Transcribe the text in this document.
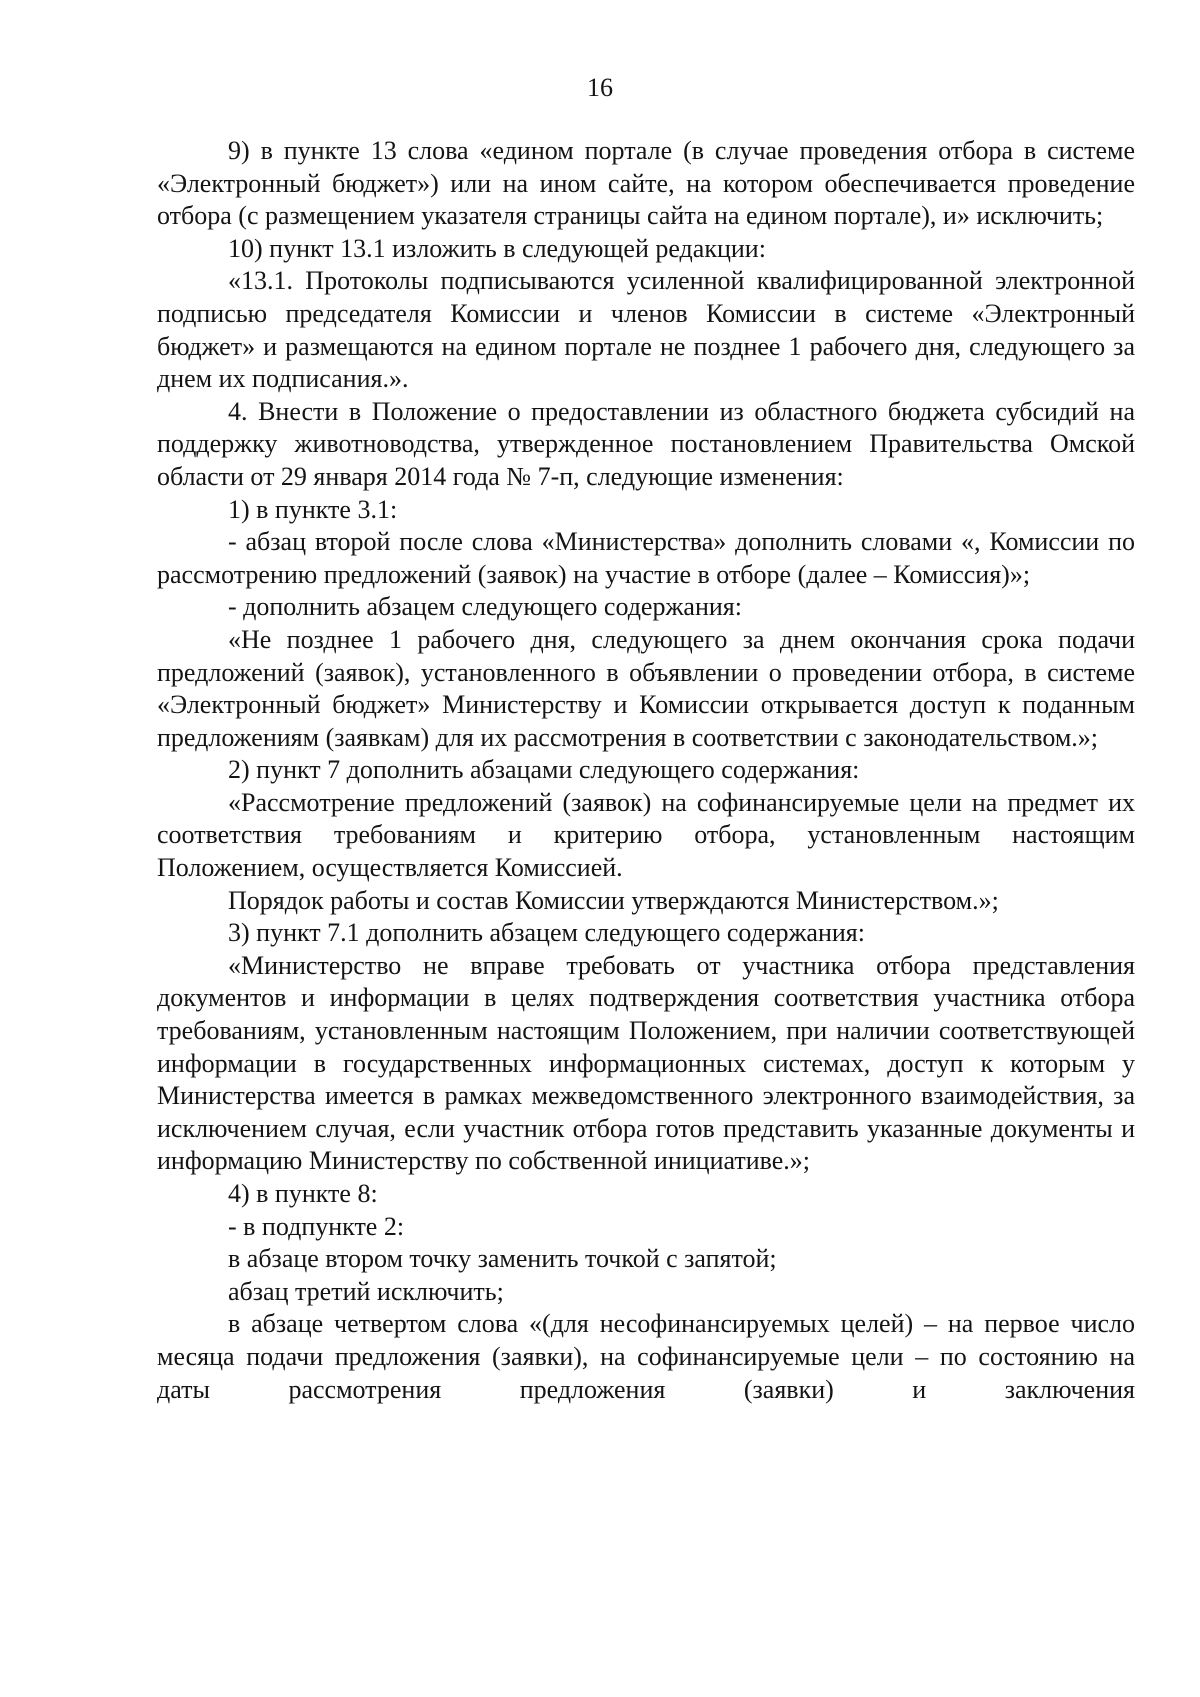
16

9) в пункте 13 слова «едином портале (в случае проведения отбора в системе «Электронный бюджет») или на ином сайте, на котором обеспечивается проведение отбора (с размещением указателя страницы сайта на едином портале), и» исключить;

10) пункт 13.1 изложить в следующей редакции:

«13.1. Протоколы подписываются усиленной квалифицированной электронной подписью председателя Комиссии и членов Комиссии в системе «Электронный бюджет» и размещаются на едином портале не позднее 1 рабочего дня, следующего за днем их подписания.».

4. Внести в Положение о предоставлении из областного бюджета субсидий на поддержку животноводства, утвержденное постановлением Правительства Омской области от 29 января 2014 года № 7-п, следующие изменения:

1) в пункте 3.1:

- абзац второй после слова «Министерства» дополнить словами «, Комиссии по рассмотрению предложений (заявок) на участие в отборе (далее – Комиссия)»;

- дополнить абзацем следующего содержания:

«Не позднее 1 рабочего дня, следующего за днем окончания срока подачи предложений (заявок), установленного в объявлении о проведении отбора, в системе «Электронный бюджет» Министерству и Комиссии открывается доступ к поданным предложениям (заявкам) для их рассмотрения в соответствии с законодательством.»;

2) пункт 7 дополнить абзацами следующего содержания:

«Рассмотрение предложений (заявок) на софинансируемые цели на предмет их соответствия требованиям и критерию отбора, установленным настоящим Положением, осуществляется Комиссией.

Порядок работы и состав Комиссии утверждаются Министерством.»;

3) пункт 7.1 дополнить абзацем следующего содержания:

«Министерство не вправе требовать от участника отбора представления документов и информации в целях подтверждения соответствия участника отбора требованиям, установленным настоящим Положением, при наличии соответствующей информации в государственных информационных системах, доступ к которым у Министерства имеется в рамках межведомственного электронного взаимодействия, за исключением случая, если участник отбора готов представить указанные документы и информацию Министерству по собственной инициативе.»;

4) в пункте 8:

- в подпункте 2:

в абзаце втором точку заменить точкой с запятой;

абзац третий исключить;

в абзаце четвертом слова «(для несофинансируемых целей) – на первое число месяца подачи предложения (заявки), на софинансируемые цели – по состоянию на даты рассмотрения предложения (заявки) и заключения
